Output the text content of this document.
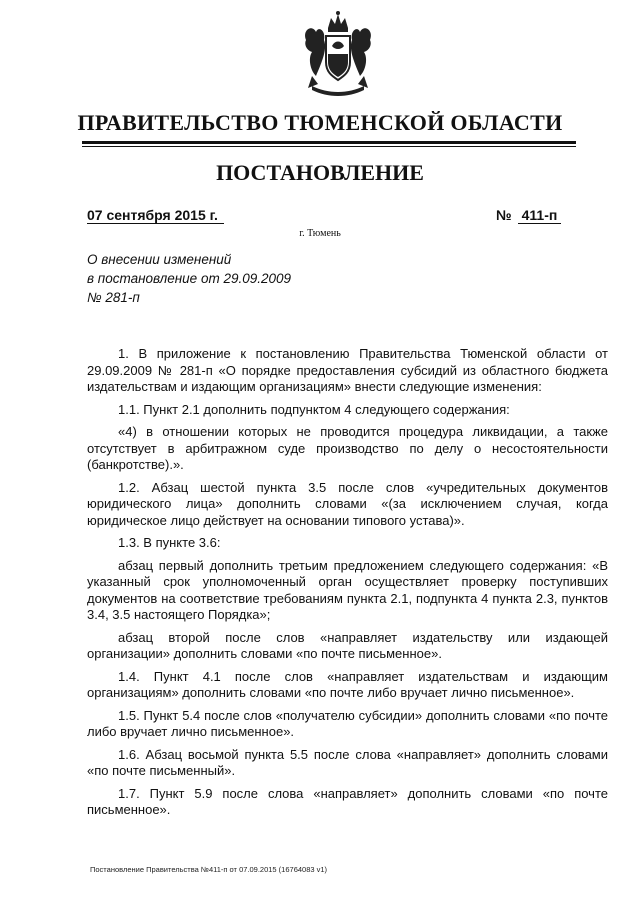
ПРАВИТЕЛЬСТВО ТЮМЕНСКОЙ ОБЛАСТИ
ПОСТАНОВЛЕНИЕ
07 сентября 2015 г.	№ 411-п
г. Тюмень
О внесении изменений
в постановление от 29.09.2009
№ 281-п

1. В приложение к постановлению Правительства Тюменской области от 29.09.2009 № 281-п «О порядке предоставления субсидий из областного бюджета издательствам и издающим организациям» внести следующие изменения:

1.1. Пункт 2.1 дополнить подпунктом 4 следующего содержания:

«4) в отношении которых не проводится процедура ликвидации, а также отсутствует в арбитражном суде производство по делу о несостоятельности (банкротстве).».

1.2. Абзац шестой пункта 3.5 после слов «учредительных документов юридического лица» дополнить словами «(за исключением случая, когда юридическое лицо действует на основании типового устава)».

1.3. В пункте 3.6:

абзац первый дополнить третьим предложением следующего содержания: «В указанный срок уполномоченный орган осуществляет проверку поступивших документов на соответствие требованиям пункта 2.1, подпункта 4 пункта 2.3, пунктов 3.4, 3.5 настоящего Порядка»;

абзац второй после слов «направляет издательству или издающей организации» дополнить словами «по почте письменное».

1.4. Пункт 4.1 после слов «направляет издательствам и издающим организациям» дополнить словами «по почте либо вручает лично письменное».

1.5. Пункт 5.4 после слов «получателю субсидии» дополнить словами «по почте либо вручает лично письменное».

1.6. Абзац восьмой пункта 5.5 после слова «направляет» дополнить словами «по почте письменный».

1.7. Пункт 5.9 после слова «направляет» дополнить словами «по почте письменное».

Постановление Правительства №411-п от 07.09.2015 (16764083 v1)
